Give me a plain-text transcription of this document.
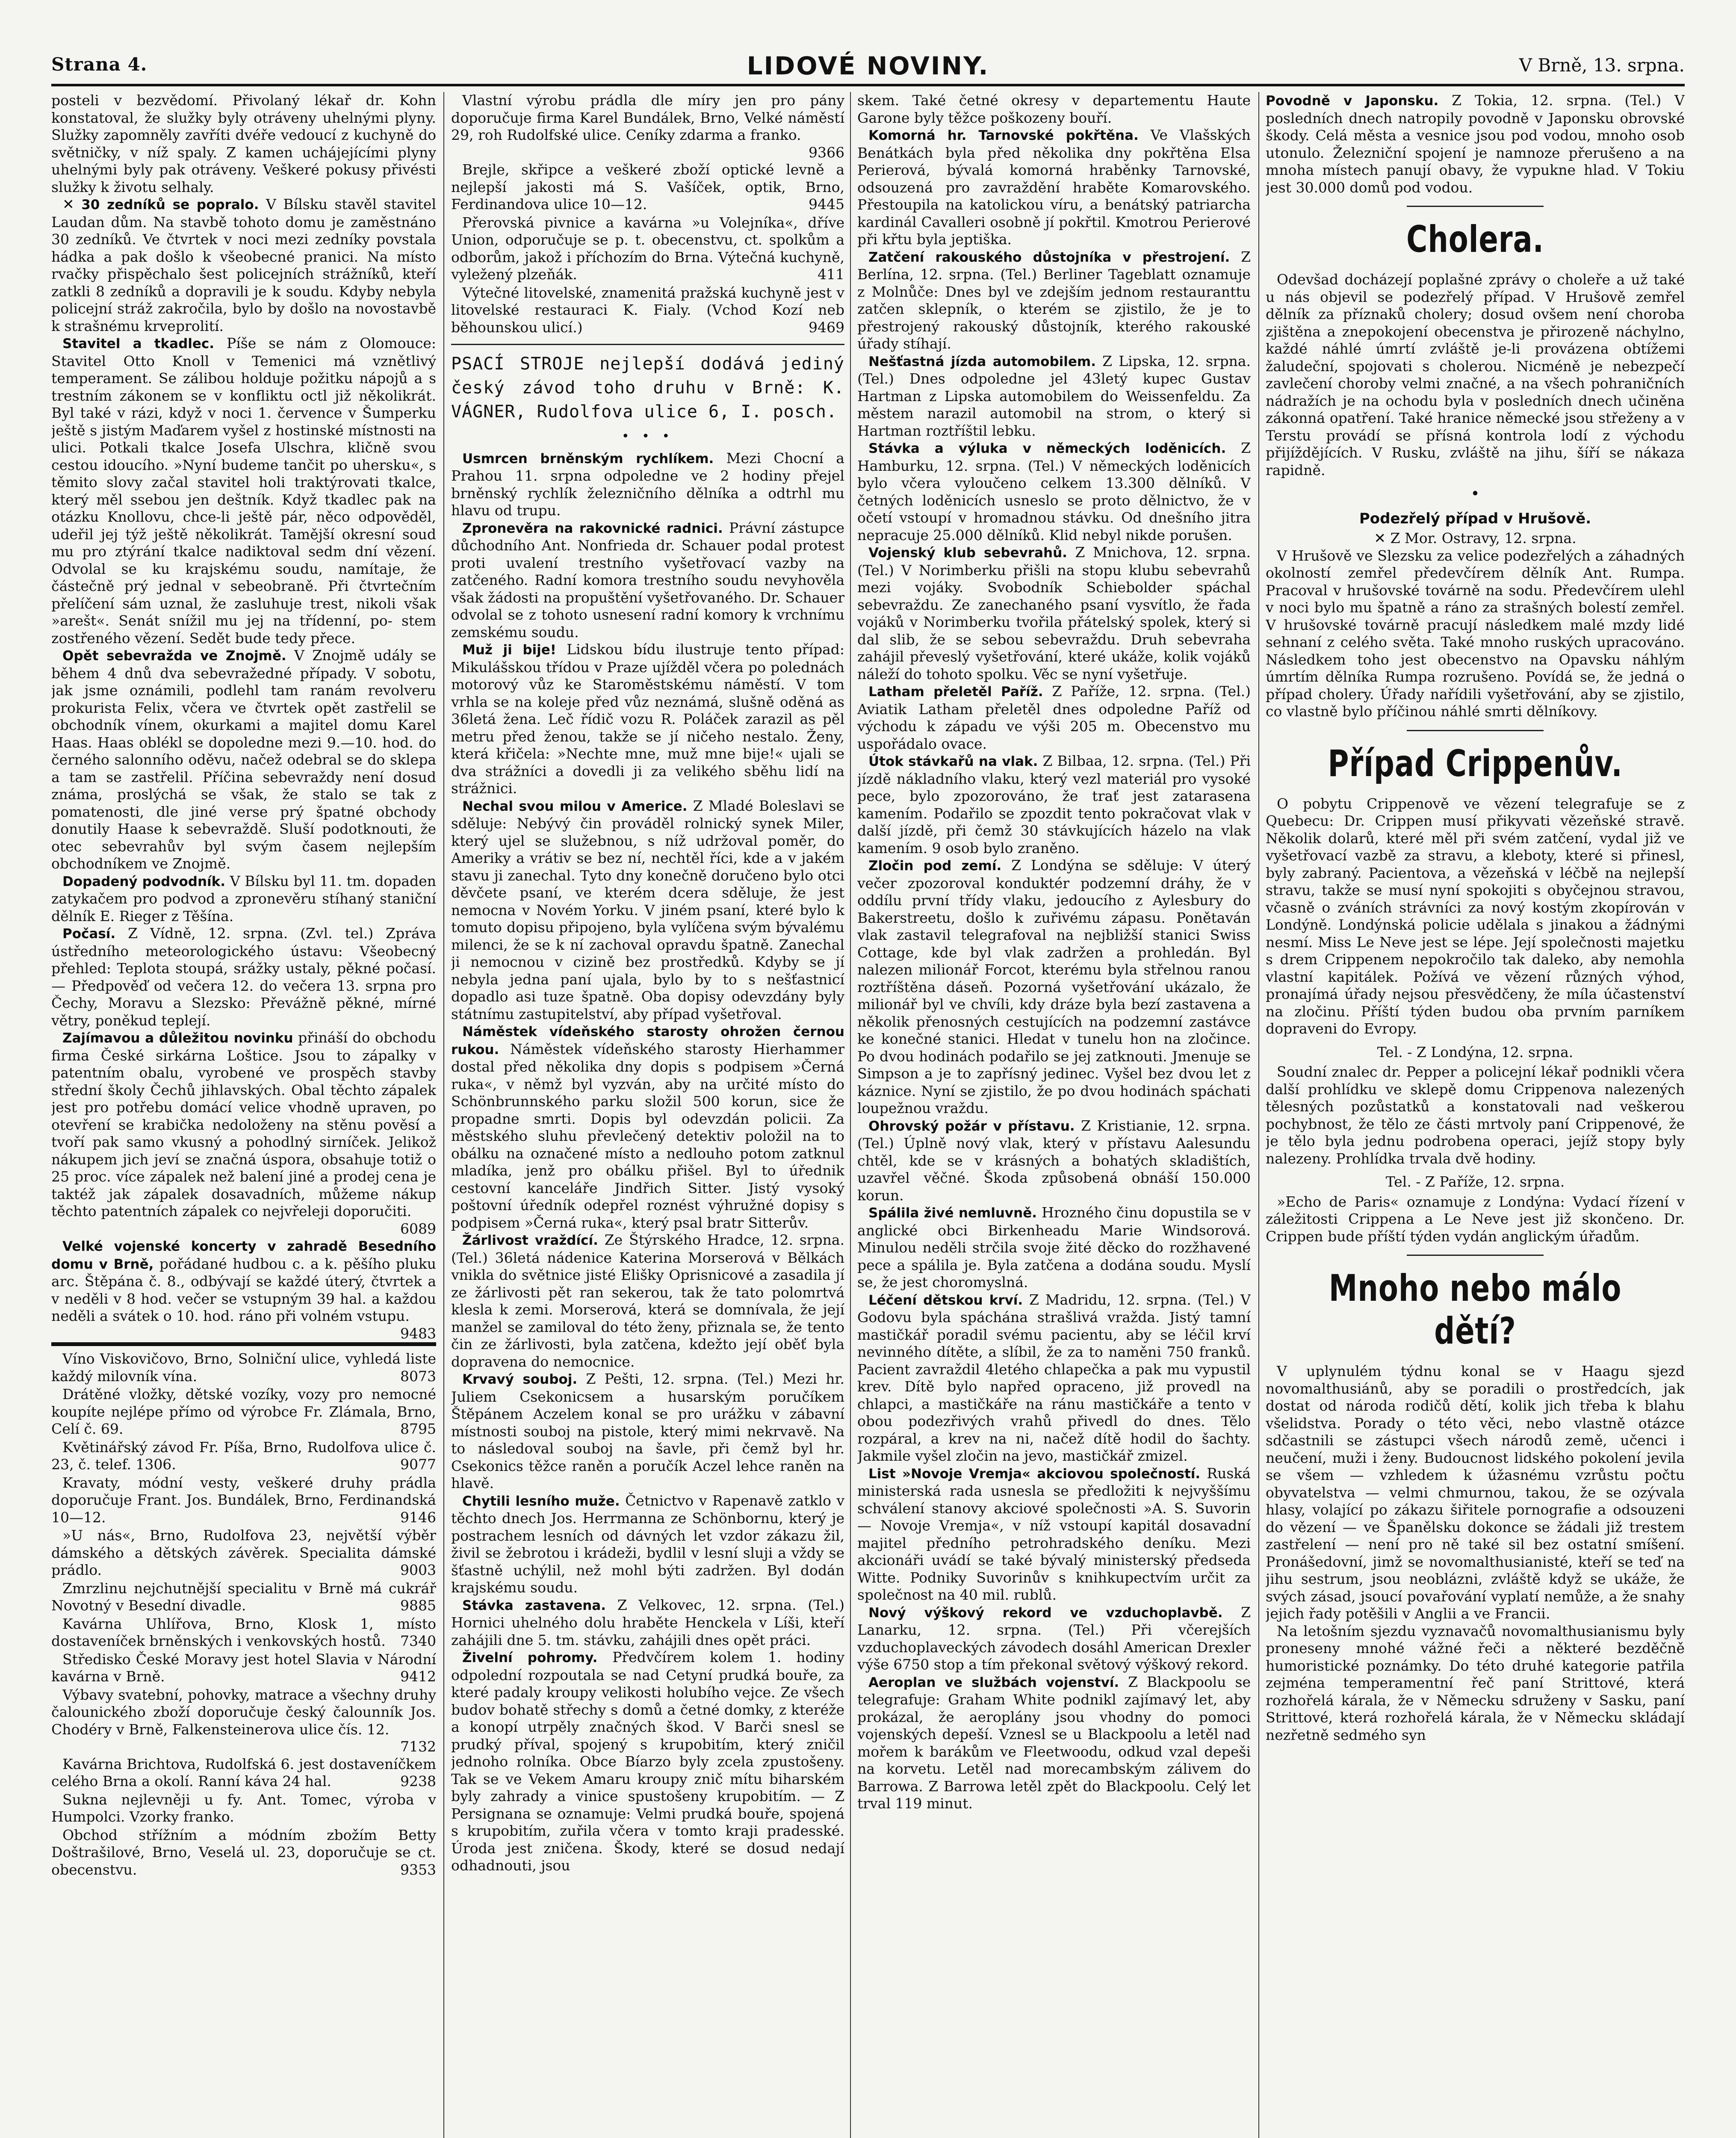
Strana 4.	LIDOVÉ NOVINY.	V Brně, 13. srpna.

posteli v bezvědomí. Přivolaný lékař dr. Kohn konstatoval, že služky byly otráveny uhelnými plyny. Služky zapomněly zavříti dvéře vedoucí z kuchyně do světničky, v níž spaly. Z kamen uchájejícími plyny uhelnými byly pak otráveny. Veškeré pokusy přivésti služky k životu selhaly.

✕ 30 zedníků se popralo. V Bílsku stavěl stavitel Laudan dům. Na stavbě tohoto domu je zaměstnáno 30 zedníků. Ve čtvrtek v noci mezi zedníky povstala hádka a pak došlo k všeobecné pranici. Na místo rvačky přispěchalo šest policejních strážníků, kteří zatkli 8 zedníků a dopravili je k soudu. Kdyby nebyla policejní stráž zakročila, bylo by došlo na novostavbě k strašnému krveprolití.

Stavitel a tkadlec. Píše se nám z Olomouce: Stavitel Otto Knoll v Temenici má vznětlivý temperament. Se zálibou holduje požitku nápojů a s trestním zákonem se v konfliktu octl již několikrát. Byl také v rázi, když v noci 1. července v Šumperku ještě s jistým Maďarem vyšel z hostinské místnosti na ulici. Potkali tkalce Josefa Ulschra, kličně svou cestou idoucího. »Nyní budeme tančit po uhersku«, s těmito slovy začal stavitel holi traktýrovati tkalce, který měl ssebou jen deštník. Když tkadlec pak na otázku Knollovu, chce-li ještě pár, něco odpověděl, udeřil jej týž ještě několikrát. Tamější okresní soud mu pro ztýrání tkalce nadiktoval sedm dní vězení. Odvolal se ku krajskému soudu, namítaje, že částečně prý jednal v sebeobraně. Při čtvrtečním přelíčení sám uznal, že zasluhuje trest, nikoli však »arešt«. Senát snížil mu jej na třídenní, po- stem zostřeného vězení. Sedět bude tedy přece.

Opět sebevražda ve Znojmě. V Znojmě udály se během 4 dnů dva sebevražedné případy. V sobotu, jak jsme oznámili, podlehl tam ranám revolveru prokurista Felix, včera ve čtvrtek opět zastřelil se obchodník vínem, okurkami a majitel domu Karel Haas. Haas oblékl se dopoledne mezi 9.—10. hod. do černého salonního oděvu, načež odebral se do sklepa a tam se zastřelil. Příčina sebevraždy není dosud známa, proslýchá se však, že stalo se tak z pomatenosti, dle jiné verse prý špatné obchody donutily Haase k sebevraždě. Sluší podotknouti, že otec sebevrahův byl svým časem nejlepším obchodníkem ve Znojmě.

Dopadený podvodník. V Bílsku byl 11. tm. dopaden zatykačem pro podvod a zpronevěru stíhaný staniční dělník E. Rieger z Těšína.

Počasí. Z Vídně, 12. srpna. (Zvl. tel.) Zpráva ústředního meteorologického ústavu: Všeobecný přehled: Teplota stoupá, srážky ustaly, pěkné počasí. — Předpověď od večera 12. do večera 13. srpna pro Čechy, Moravu a Slezsko: Převážně pěkné, mírné větry, poněkud teplejí.

Zajímavou a důležitou novinku přináší do obchodu firma České sirkárna Loštice. Jsou to zápalky v patentním obalu, vyrobené ve prospěch stavby střední školy Čechů jihlavských. Obal těchto zápalek jest pro potřebu domácí velice vhodně upraven, po otevření se krabička nedoloženy na stěnu pověsí a tvoří pak samo vkusný a pohodlný sirníček. Jelikož nákupem jich jeví se značná úspora, obsahuje totiž o 25 proc. více zápalek než balení jiné a prodej cena je taktéž jak zápalek dosavadních, můžeme nákup těchto patentních zápalek co nejvřeleji doporučiti.
6089

Velké vojenské koncerty v zahradě Besedního domu v Brně, pořádané hudbou c. a k. pěšího pluku arc. Štěpána č. 8., odbývají se každé úterý, čtvrtek a v neděli v 8 hod. večer se vstupným 39 hal. a každou neděli a svátek o 10. hod. ráno při volném vstupu.
9483

Víno Viskovičovo, Brno, Solniční ulice, vyhledá liste každý milovník vína.	8073

Drátěné vložky, dětské vozíky, vozy pro nemocné koupíte nejlépe přímo od výrobce Fr. Zlámala, Brno, Celí č. 69.	8795

Květinářský závod Fr. Píša, Brno, Rudolfova ulice č. 23, č. telef. 1306.	9077

Kravaty, módní vesty, veškeré druhy prádla doporučuje Frant. Jos. Bundálek, Brno, Ferdinandská 10—12.	9146

»U nás«, Brno, Rudolfova 23, největší výběr dámského a dětských závěrek. Specialita dámské prádlo.	9003

Zmrzlinu nejchutnější specialitu v Brně má cukrář Novotný v Besední divadle.	9885

Kavárna Uhlířova, Brno, Klosk 1, místo dostaveníček brněnských i venkovských hostů.	7340

Středisko České Moravy jest hotel Slavia v Národní kavárna v Brně.	9412

Výbavy svatební, pohovky, matrace a všechny druhy čalounického zboží doporučuje český čalounník Jos. Chodéry v Brně, Falkensteinerova ulice čís. 12.
7132

Kavárna Brichtova, Rudolfská 6. jest dostaveníčkem celého Brna a okolí. Ranní káva 24 hal.	9238

Sukna nejlevněji u fy. Ant. Tomec, výroba v Humpolci. Vzorky franko.

Obchod střížním a módním zbožím Betty Doštrašilové, Brno, Veselá ul. 23, doporučuje se ct. obecenstvu.	9353

Vlastní výrobu prádla dle míry jen pro pány doporučuje firma Karel Bundálek, Brno, Velké náměstí 29, roh Rudolfské ulice. Ceníky zdarma a franko.
9366

Brejle, skřipce a veškeré zboží optické levně a nejlepší jakosti má S. Vašíček, optik, Brno, Ferdinandova ulice 10—12.	9445

Přerovská pivnice a kavárna »u Volejníka«, dříve Union, odporučuje se p. t. obecenstvu, ct. spolkům a odborům, jakož i příchozím do Brna. Výtečná kuchyně, vyležený plzeňák.	411

Výtečné litovelské, znamenitá pražská kuchyně jest v litovelské restauraci K. Fialy. (Vchod Kozí neb běhounskou ulicí.)	9469

PSACÍ STROJE nejlepší dodává jediný český závod toho druhu v Brně: K. VÁGNER, Rudolfova ulice 6, I. posch.
• • •

Usmrcen brněnským rychlíkem. Mezi Chocní a Prahou 11. srpna odpoledne ve 2 hodiny přejel brněnský rychlík železničního dělníka a odtrhl mu hlavu od trupu.

Zpronevěra na rakovnické radnici. Právní zástupce důchodního Ant. Nonfriedа dr. Schauer podal protest proti uvalení trestního vyšetřovací vazby na zatčeného. Radní komora trestního soudu nevyhověla však žádosti na propuštění vyšetřovaného. Dr. Schauer odvolal se z tohoto usnesení radní komory k vrchnímu zemskému soudu.

Muž ji bije! Lidskou bídu ilustruje tento případ: Mikulášskou třídou v Praze ujížděl včera po polednách motorový vůz ke Staroměstskému náměstí. V tom vrhla se na koleje před vůz neznámá, slušně oděná as 36letá žena. Leč řídič vozu R. Poláček zarazil as pěl metru před ženou, takže se jí ničeho nestalo. Ženy, která křičela: »Nechte mne, muž mne bije!« ujali se dva strážníci a dovedli ji za velikého sběhu lidí na strážnici.

Nechal svou milou v Americe. Z Mladé Boleslavi se sděluje: Nebývý čin prováděl rolnický synek Miler, který ujel se služebnou, s níž udržoval poměr, do Ameriky a vrátiv se bez ní, nechtěl říci, kde a v jakém stavu ji zanechal. Tyto dny konečně doručeno bylo otci děvčete psaní, ve kterém dcera sděluje, že jest nemocna v Novém Yorku. V jiném psaní, které bylo k tomuto dopisu připojeno, byla vylíčena svým bývalému milenci, že se k ní zachoval opravdu špatně. Zanechal ji nemocnou v cizině bez prostředků. Kdyby se jí nebyla jedna paní ujala, bylo by to s nešťastnicí dopadlo asi tuze špatně. Oba dopisy odevzdány byly státnímu zastupitelství, aby případ vyšetřoval.

Náměstek vídeňského starosty ohrožen černou rukou. Náměstek vídeňského starosty Hierhammer dostal před několika dny dopis s podpisem »Černá ruka«, v němž byl vyzván, aby na určité místo do Schönbrunnského parku složil 500 korun, sice že propadne smrti. Dopis byl odevzdán policii. Za městského sluhu převlečený detektiv položil na to obálku na označené místo a nedlouho potom zatknul mladíka, jenž pro obálku přišel. Byl to úřednik cestovní kanceláře Jindřich Sitter. Jistý vysoký poštovní úředník odepřel roznést výhružné dopisy s podpisem »Černá ruka«, který psal bratr Sitterův.

Žárlivost vraždící. Ze Štýrského Hradce, 12. srpna. (Tel.) 36letá nádenice Katerina Morserová v Bělkách vnikla do světnice jisté Elišky Oprisnicové a zasadila jí ze žárlivosti pět ran sekerou, tak že tato polomrtvá klesla k zemi. Morserová, která se domnívala, že její manžel se zamiloval do této ženy, přiznala se, že tento čin ze žárlivosti, byla zatčena, kdežto její oběť byla dopravena do nemocnice.

Krvavý souboj. Z Pešti, 12. srpna. (Tel.) Mezi hr. Juliem Csekonicsem a husarským poručíkem Štěpánem Aczelem konal se pro urážku v zábavní místnosti souboj na pistole, který mimi nekrvavě. Na to následoval souboj na šavle, při čemž byl hr. Csekonics těžce raněn a poručík Aczel lehce raněn na hlavě.

Chytili lesního muže. Četnictvo v Rapenavě zatklo v těchto dnech Jos. Herrmanna ze Schönbornu, který je postrachem lesních od dávných let vzdor zákazu žil, živil se žebrotou i krádeži, bydlil v lesní sluji a vždy se šťastně uchýlil, než mohl býti zadržen. Byl dodán krajskému soudu.

Stávka zastavena. Z Velkovec, 12. srpna. (Tel.) Hornici uhelného dolu hraběte Henckela v Líši, kteří zahájili dne 5. tm. stávku, zahájili dnes opět práci.

Živelní pohromy. Předvčírem kolem 1. hodiny odpolední rozpoutala se nad Cetyní prudká bouře, za které padaly kroupy velikosti holubího vejce. Ze všech budov bohatě střechy s domů a četné domky, z kteréže a konopí utrpěly značných škod. V Barči snesl se prudký příval, spojený s krupobitím, který zničil jednoho rolníka. Obce Bíarzo byly zcela zpustošeny. Tak se ve Vekem Amaru kroupy znič mítu biharském byly zahrady a vinice spustošeny krupobitím. — Z Persignana se oznamuje: Velmi prudká bouře, spojená s krupobitím, zuřila včera v tomto kraji pradesské. Úroda jest zničena. Škody, které se dosud nedají odhadnouti, jsou

skem. Také četné okresy v departementu Haute Garone byly těžce poškozeny bouří.

Komorná hr. Tarnovské pokřtěna. Ve Vlašských Benátkách byla před několika dny pokřtěna Elsa Perierová, bývalá komorná hraběnky Tarnovské, odsouzená pro zavraždění hraběte Komarovského. Přestoupila na katolickou víru, a benátský patriarcha kardinál Cavalleri osobně jí pokřtil. Kmotrou Perierové při křtu byla jeptiška.

Zatčení rakouského důstojníka v přestrojení. Z Berlína, 12. srpna. (Tel.) Berliner Tageblatt oznamuje z Molnůče: Dnes byl ve zdejším jednom restauranttu zatčen sklepník, o kterém se zjistilo, že je to přestrojený rakouský důstojník, kterého rakouské úřady stíhají.

Nešťastná jízda automobilem. Z Lipska, 12. srpna. (Tel.) Dnes odpoledne jel 43letý kupec Gustav Hartman z Lipska automobilem do Weissenfeldu. Za městem narazil automobil na strom, o který si Hartman roztříštil lebku.

Stávka a výluka v německých loděnicích. Z Hamburku, 12. srpna. (Tel.) V německých loděnicích bylo včera vyloučeno celkem 13.300 dělníků. V četných loděnicích usneslo se proto dělnictvo, že v očetí vstoupí v hromadnou stávku. Od dnešního jitra nepracuje 25.000 dělníků. Klid nebyl nikde porušen.

Vojenský klub sebevrahů. Z Mnichova, 12. srpna. (Tel.) V Norimberku přišli na stopu klubu sebevrahů mezi vojáky. Svobodník Schiebolder spáchal sebevraždu. Ze zanechaného psaní vysvítlo, že řada vojáků v Norimberku tvořila přátelský spolek, který si dal slib, že se sebou sebevraždu. Druh sebevraha zahájil převeslý vyšetřování, které ukáže, kolik vojáků náleží do tohoto spolku. Věc se nyní vyšetřuje.

Latham přeletěl Paříž. Z Paříže, 12. srpna. (Tel.) Aviatik Latham přeletěl dnes odpoledne Paříž od východu k západu ve výši 205 m. Obecenstvo mu uspořádalo ovace.

Útok stávkařů na vlak. Z Bilbaa, 12. srpna. (Tel.) Při jízdě nákladního vlaku, který vezl materiál pro vysoké pece, bylo zpozorováno, že trať jest zatarasena kamením. Podařilo se zpozdit tento pokračovat vlak v další jízdě, při čemž 30 stávkujících házelo na vlak kamením. 9 osob bylo zraněno.

Zločin pod zemí. Z Londýna se sděluje: V úterý večer zpozoroval konduktér podzemní dráhy, že v oddílu první třídy vlaku, jedoucího z Aylesbury do Bakerstreetu, došlo k zuřivému zápasu. Ponětaván vlak zastavil telegrafoval na nejbližší stanici Swiss Cottage, kde byl vlak zadržen a prohledán. Byl nalezen milionář Forcot, kterému byla střelnou ranou roztříštěna dáseň. Pozorná vyšetřování ukázalo, že milionář byl ve chvíli, kdy dráze byla bezí zastavena a několik přenosných cestujících na podzemní zastávce ke konečné stanici. Hledat v tunelu hon na zločince. Po dvou hodinách podařilo se jej zatknouti. Jmenuje se Simpson a je to zapřísný jedinec. Vyšel bez dvou let z káznice. Nyní se zjistilo, že po dvou hodinách spáchati loupežnou vraždu.

Ohrovský požár v přístavu. Z Kristianie, 12. srpna. (Tel.) Úplně nový vlak, který v přístavu Aalesundu chtěl, kde se v krásných a bohatých skladištích, uzavřel věčné. Škoda způsobená obnáší 150.000 korun.

Spálila živé nemluvně. Hrozného činu dopustila se v anglické obci Birkenheadu Marie Windsorová. Minulou neděli strčila svoje žité děcko do rozžhavené pece a spálila je. Byla zatčena a dodána soudu. Myslí se, že jest choromyslná.

Léčení dětskou krví. Z Madridu, 12. srpna. (Tel.) V Godovu byla spáchána strašlivá vražda. Jistý tamní mastičkář poradil svému pacientu, aby se léčil krví nevinného dítěte, a slíbil, že za to naměni 750 franků. Pacient zavraždil 4letého chlapečka a pak mu vypustil krev. Dítě bylo napřed opraceno, již provedl na chlapci, a mastičkáře na ránu mastičkáře a tento v obou podezřivých vrahů přivedl do dnes. Tělo rozpáral, a krev na ni, načež dítě hodil do šachty. Jakmile vyšel zločin na jevo, mastičkář zmizel.

List »Novoje Vremja« akciovou společností. Ruská ministerská rada usnesla se předložiti k nejvyššímu schválení stanovy akciové společnosti »A. S. Suvorin — Novoje Vremja«, v níž vstoupí kapitál dosavadní majitel předního petrohradského deníku. Mezi akcionáři uvádí se také bývalý ministerský předseda Witte. Podniky Suvorinův s knihkupectvím určit za společnost na 40 mil. rublů.

Nový výškový rekord ve vzduchoplavbě. Z Lanarku, 12. srpna. (Tel.) Při včerejších vzduchoplaveckých závodech dosáhl American Drexler výše 6750 stop a tím překonal světový výškový rekord.

Aeroplan ve službách vojenství. Z Blackpoolu se telegrafuje: Graham White podnikl zajímavý let, aby prokázal, že aeroplány jsou vhodny do pomoci vojenských depeší. Vznesl se u Blackpoolu a letěl nad mořem k barákům ve Fleetwoodu, odkud vzal depeši na korvetu. Letěl nad morecambským zálivem do Barrowa. Z Barrowa letěl zpět do Blackpoolu. Celý let trval 119 minut.

Povodně v Japonsku. Z Tokia, 12. srpna. (Tel.) V posledních dnech natropily povodně v Japonsku obrovské škody. Celá města a vesnice jsou pod vodou, mnoho osob utonulo. Železniční spojení je namnoze přerušeno a na mnoha místech panují obavy, že vypukne hlad. V Tokiu jest 30.000 domů pod vodou.

Cholera.

Odevšad docházejí poplašné zprávy o choleře a už také u nás objevil se podezřelý případ. V Hrušově zemřel dělník za příznaků cholery; dosud ovšem není choroba zjištěna a znepokojení obecenstva je přirozeně náchylno, každé náhlé úmrtí zvláště je-li provázena obtížemi žaludeční, spojovati s cholerou. Nicméně je nebezpečí zavlečení choroby velmi značné, a na všech pohraničních nádražích je na ochodu byla v posledních dnech učiněna zákonná opatření. Také hranice německé jsou střeženy a v Terstu provádí se přísná kontrola lodí z východu přijíždějících. V Rusku, zvláště na jihu, šíří se nákaza rapidně.

•
Podezřelý případ v Hrušově.

✕ Z Mor. Ostravy, 12. srpna.

V Hrušově ve Slezsku za velice podezřelých a záhadných okolností zemřel předevčírem dělník Ant. Rumpa. Pracoval v hrušovské továrně na sodu. Předevčírem ulehl v noci bylo mu špatně a ráno za strašných bolestí zemřel. V hrušovské továrně pracují následkem malé mzdy lidé sehnaní z celého světa. Také mnoho ruských upracováno. Následkem toho jest obecenstvo na Opavsku náhlým úmrtím dělníka Rumpa rozrušeno. Povídá se, že jedná o případ cholery. Úřady nařídili vyšetřování, aby se zjistilo, co vlastně bylo příčinou náhlé smrti dělníkovy.

Případ Crippenův.

O pobytu Crippenově ve vězení telegrafuje se z Quebecu: Dr. Crippen musí přikyvati vězeňské stravě. Několik dolarů, které měl při svém zatčení, vydal již ve vyšetřovací vazbě za stravu, a kleboty, které si přinesl, byly zabraný. Pacientova, a vězeňská v léčbě na nejlepší stravu, takže se musí nyní spokojiti s obyčejnou stravou, včasně o zváních strávníci za nový kostým zkopírován v Londýně. Londýnská policie udělala s jinakou a žádnými nesmí. Miss Le Neve jest se lépe. Její společnosti majetku s drem Crippenem nepokročilo tak daleko, aby nemohla vlastní kapitálek. Požívá ve vězení různých výhod, pronajímá úřady nejsou přesvědčeny, že míla účastenství na zločinu. Příští týden budou oba prvním parníkem dopraveni do Evropy.

Tel. - Z Londýna, 12. srpna.

Soudní znalec dr. Pepper a policejní lékař podnikli včera další prohlídku ve sklepě domu Crippenova nalezených tělesných pozůstatků a konstatovali nad veškerou pochybnost, že tělo ze části mrtvoly paní Crippenové, že je tělo byla jednu podrobena operaci, jejíž stopy byly nalezeny. Prohlídka trvala dvě hodiny.

Tel. - Z Paříže, 12. srpna.

»Echo de Paris« oznamuje z Londýna: Vydací řízení v záležitosti Crippena a Le Neve jest již skončeno. Dr. Crippen bude příští týden vydán anglickým úřadům.

Mnoho nebo málo dětí?

V uplynulém týdnu konal se v Haagu sjezd novomalthusiánů, aby se poradili o prostředcích, jak dostat od národa rodičů dětí, kolik jich třeba k blahu všelidstva. Porady o této věci, nebo vlastně otázce sdčastnili se zástupci všech národů země, učenci i neučení, muži i ženy. Budoucnost lidského pokolení jevila se všem — vzhledem k úžasnému vzrůstu počtu obyvatelstva — velmi chmurnou, takou, že se ozývala hlasy, volající po zákazu šiřitele pornografie a odsouzeni do vězení — ve Španělsku dokonce se žádali již trestem zastřelení — není pro ně také sil bez ostatní smíšení. Pronášedovní, jimž se novomalthusianisté, kteří se teď na jihu sestrum, jsou neoblázni, zvláště když se ukáže, že svých zásad, jsoucí povařování vyplatí nemůže, a že snahy jejich řady potěšili v Anglii a ve Francii.

Na letošním sjezdu vyznavačů novomalthusianismu byly proneseny mnohé vážné řeči a některé bezděčně humoristické poznámky. Do této druhé kategorie patřila zejména temperamentní řeč paní Strittové, která rozhořelá kárala, že v Německu sdruženy v Sasku, paní Strittové, která rozhořelá kárala, že v Německu skládají nezřetně sedmého syn
